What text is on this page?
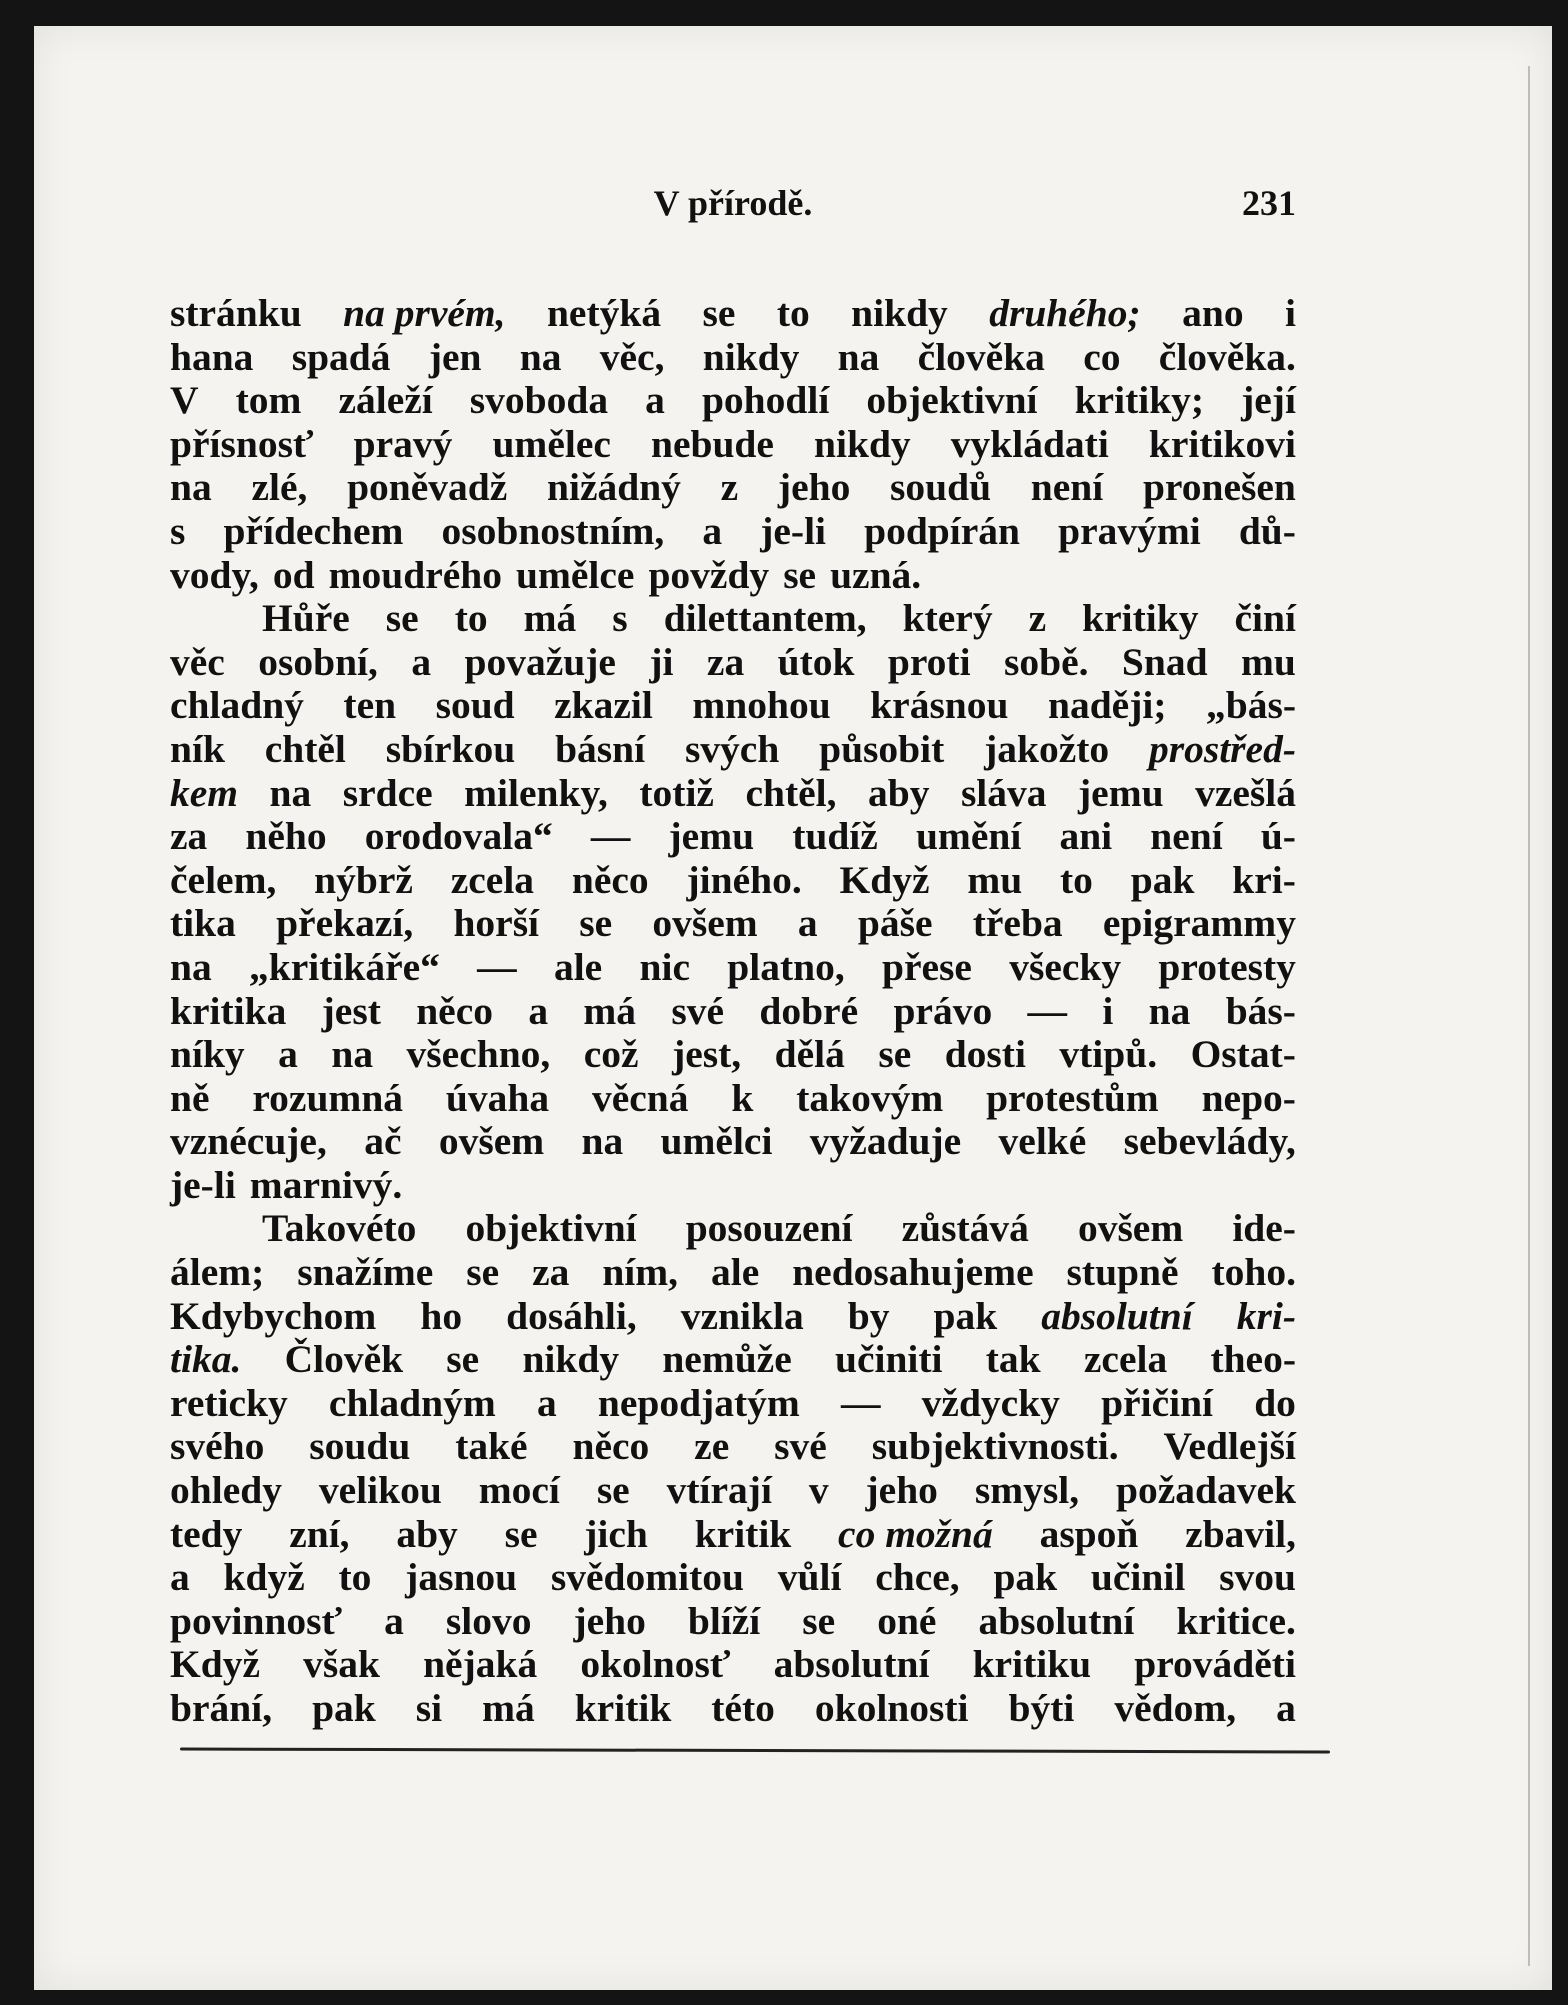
V přírodě.	231
stránku na prvém, netýká se to nikdy druhého; ano i
hana spadá jen na věc, nikdy na člověka co člověka.
V tom záleží svoboda a pohodlí objektivní kritiky; její
přísnosť pravý umělec nebude nikdy vykládati kritikovi
na zlé, poněvadž nižádný z jeho soudů není pronešen
s přídechem osobnostním, a je-li podpírán pravými dů-
vody, od moudrého umělce povždy se uzná.
Hůře se to má s dilettantem, který z kritiky činí
věc osobní, a považuje ji za útok proti sobě. Snad mu
chladný ten soud zkazil mnohou krásnou naději; „bás-
ník chtěl sbírkou básní svých působit jakožto prostřed-
kem na srdce milenky, totiž chtěl, aby sláva jemu vzešlá
za něho orodovala“ — jemu tudíž umění ani není ú-
čelem, nýbrž zcela něco jiného. Když mu to pak kri-
tika překazí, horší se ovšem a páše třeba epigrammy
na „kritikáře“ — ale nic platno, přese všecky protesty
kritika jest něco a má své dobré právo — i na bás-
níky a na všechno, což jest, dělá se dosti vtipů. Ostat-
ně rozumná úvaha věcná k takovým protestům nepo-
vznécuje, ač ovšem na umělci vyžaduje velké sebevlády,
je-li marnivý.
Takovéto objektivní posouzení zůstává ovšem ide-
álem; snažíme se za ním, ale nedosahujeme stupně toho.
Kdybychom ho dosáhli, vznikla by pak absolutní kri-
tika. Člověk se nikdy nemůže učiniti tak zcela theo-
reticky chladným a nepodjatým — vždycky přičiní do
svého soudu také něco ze své subjektivnosti. Vedlejší
ohledy velikou mocí se vtírají v jeho smysl, požadavek
tedy zní, aby se jich kritik co možná aspoň zbavil,
a když to jasnou svědomitou vůlí chce, pak učinil svou
povinnosť a slovo jeho blíží se oné absolutní kritice.
Když však nějaká okolnosť absolutní kritiku prováděti
brání, pak si má kritik této okolnosti býti vědom, a
